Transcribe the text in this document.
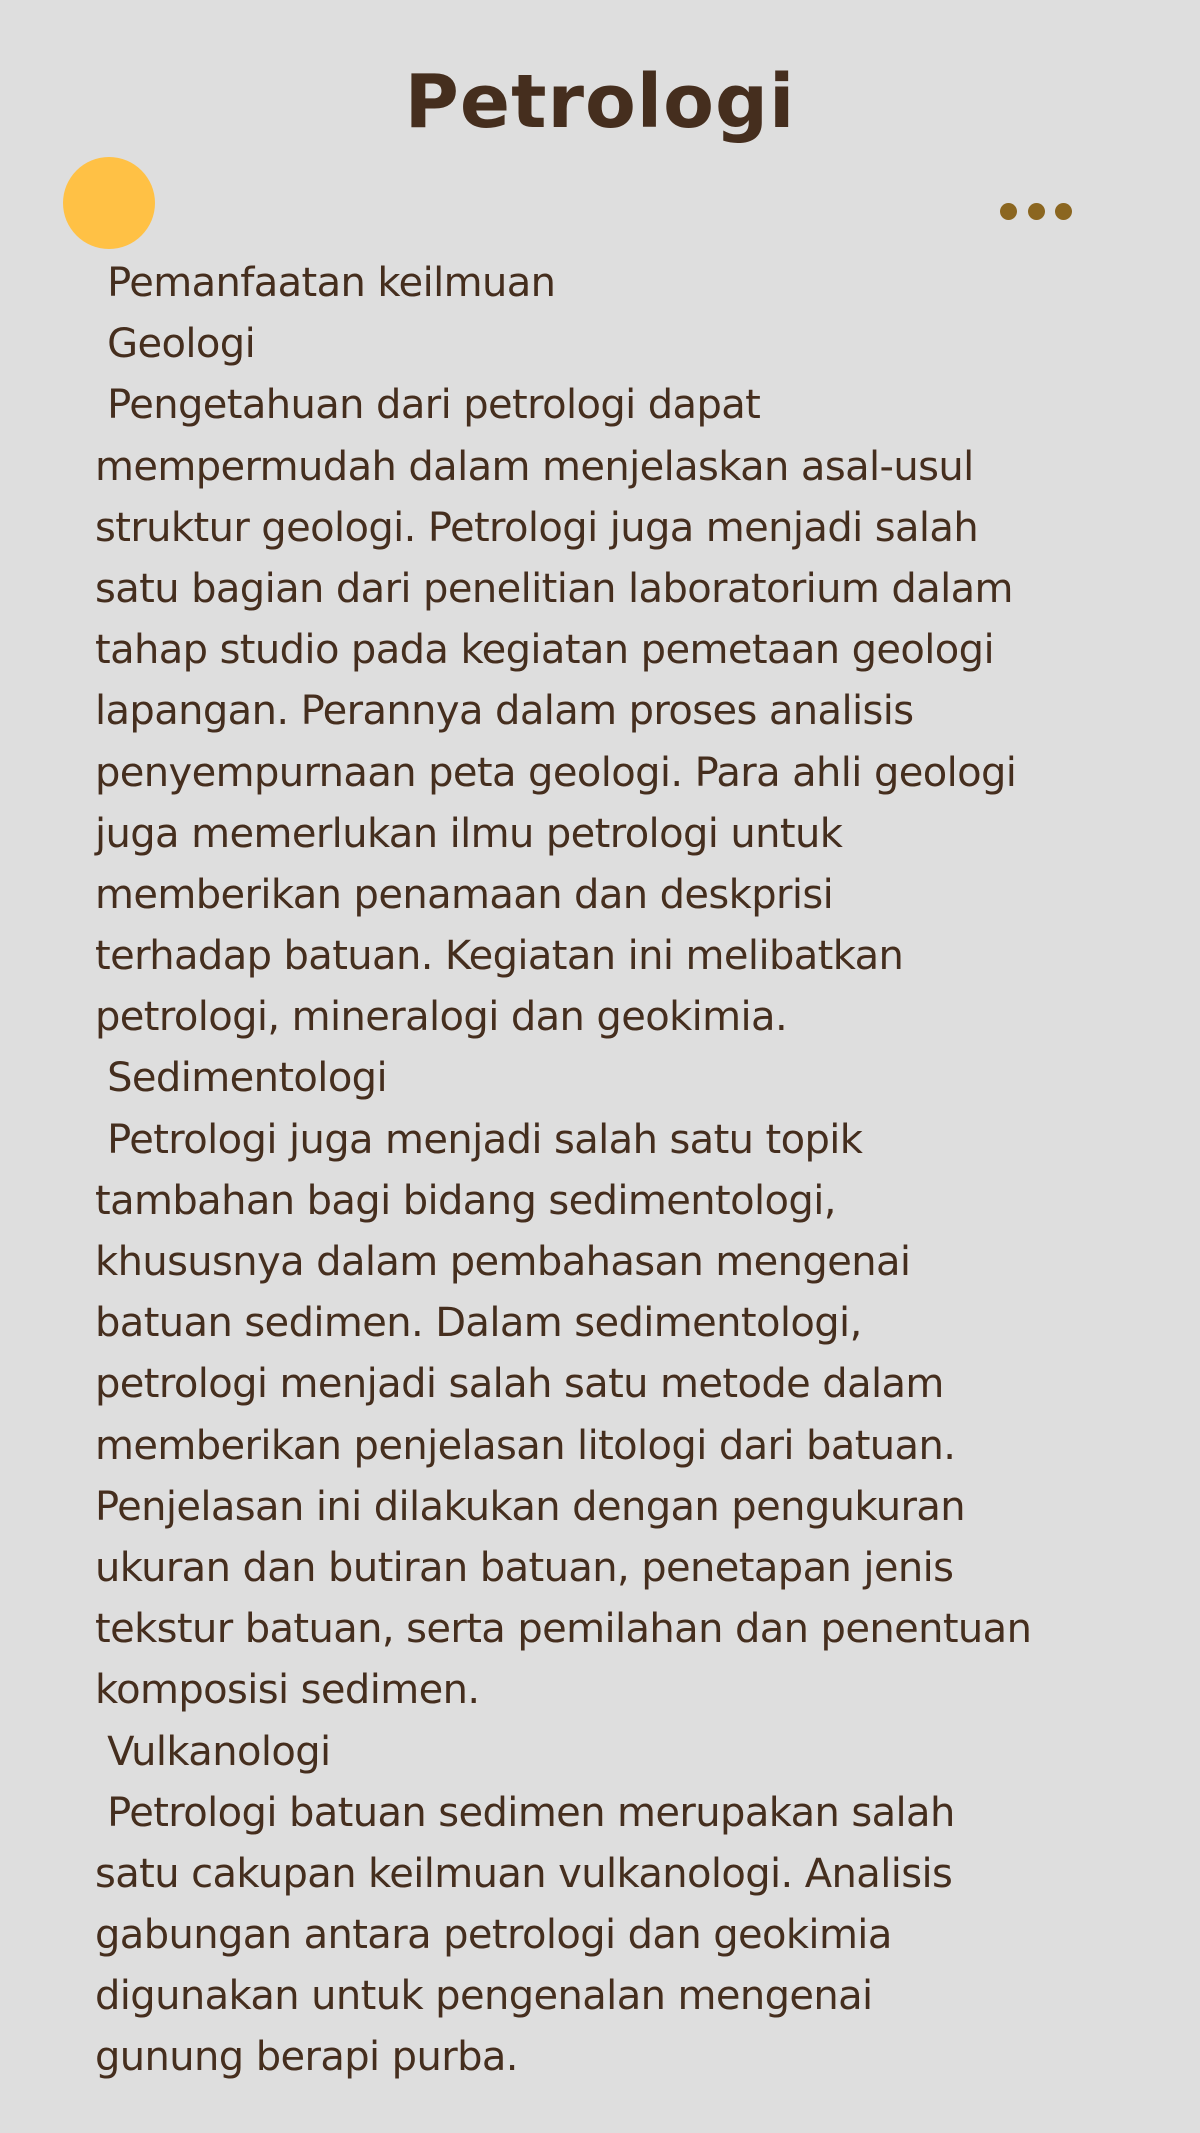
Petrologi
Pemanfaatan keilmuan
Geologi
Pengetahuan dari petrologi dapat
mempermudah dalam menjelaskan asal-usul
struktur geologi. Petrologi juga menjadi salah
satu bagian dari penelitian laboratorium dalam
tahap studio pada kegiatan pemetaan geologi
lapangan. Perannya dalam proses analisis
penyempurnaan peta geologi. Para ahli geologi
juga memerlukan ilmu petrologi untuk
memberikan penamaan dan deskprisi
terhadap batuan. Kegiatan ini melibatkan
petrologi, mineralogi dan geokimia.
Sedimentologi
Petrologi juga menjadi salah satu topik
tambahan bagi bidang sedimentologi,
khususnya dalam pembahasan mengenai
batuan sedimen. Dalam sedimentologi,
petrologi menjadi salah satu metode dalam
memberikan penjelasan litologi dari batuan.
Penjelasan ini dilakukan dengan pengukuran
ukuran dan butiran batuan, penetapan jenis
tekstur batuan, serta pemilahan dan penentuan
komposisi sedimen.
Vulkanologi
Petrologi batuan sedimen merupakan salah
satu cakupan keilmuan vulkanologi. Analisis
gabungan antara petrologi dan geokimia
digunakan untuk pengenalan mengenai
gunung berapi purba.
